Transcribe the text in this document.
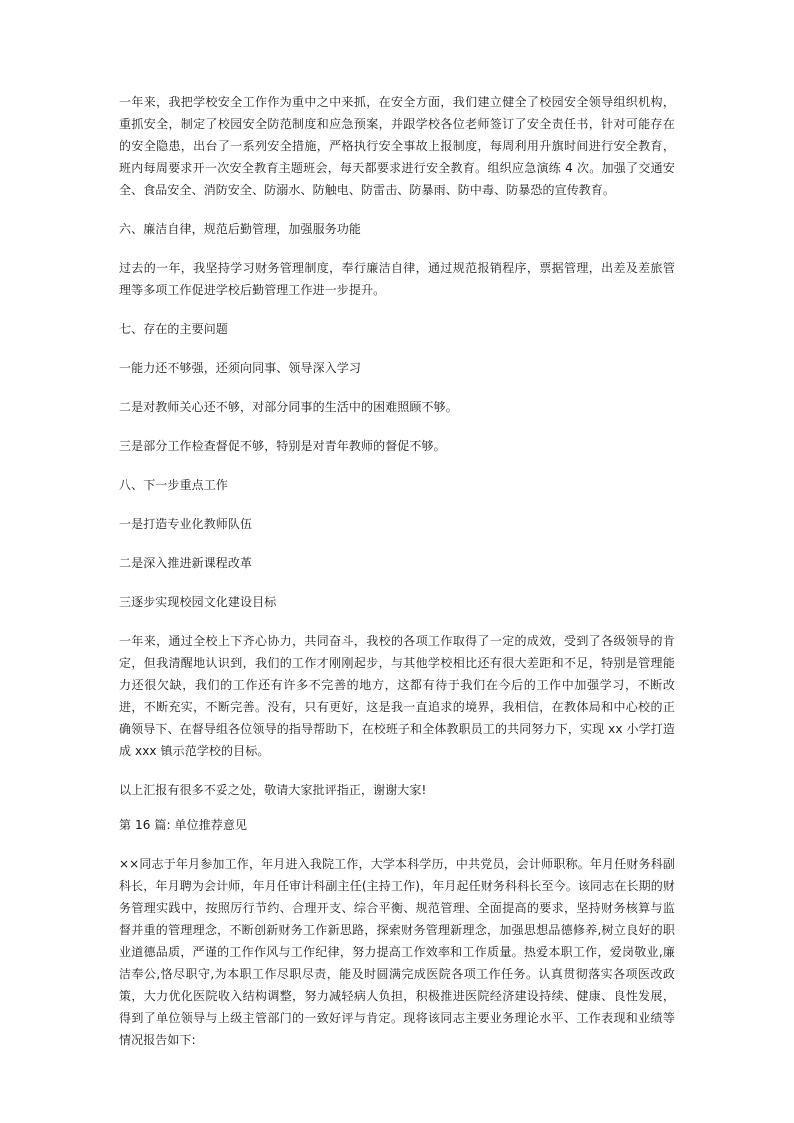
一年来，我把学校安全工作作为重中之中来抓，在安全方面，我们建立健全了校园安全领导组织机构，重抓安全，制定了校园安全防范制度和应急预案，并跟学校各位老师签订了安全责任书，针对可能存在的安全隐患，出台了一系列安全措施，严格执行安全事故上报制度，每周利用升旗时间进行安全教育，班内每周要求开一次安全教育主题班会，每天都要求进行安全教育。组织应急演练 4 次。加强了交通安全、食品安全、消防安全、防溺水、防触电、防雷击、防暴雨、防中毒、防暴恐的宣传教育。

六、廉洁自律，规范后勤管理，加强服务功能

过去的一年，我坚持学习财务管理制度，奉行廉洁自律，通过规范报销程序，票据管理，出差及差旅管理等多项工作促进学校后勤管理工作进一步提升。

七、存在的主要问题

一能力还不够强，还须向同事、领导深入学习

二是对教师关心还不够，对部分同事的生活中的困难照顾不够。

三是部分工作检查督促不够，特别是对青年教师的督促不够。

八、下一步重点工作

一是打造专业化教师队伍

二是深入推进新课程改革

三逐步实现校园文化建设目标

一年来，通过全校上下齐心协力，共同奋斗，我校的各项工作取得了一定的成效，受到了各级领导的肯定，但我清醒地认识到，我们的工作才刚刚起步，与其他学校相比还有很大差距和不足，特别是管理能力还很欠缺，我们的工作还有许多不完善的地方，这都有待于我们在今后的工作中加强学习，不断改进，不断充实，不断完善。没有，只有更好，这是我一直追求的境界，我相信，在教体局和中心校的正确领导下、在督导组各位领导的指导帮助下，在校班子和全体教职员工的共同努力下，实现 xx 小学打造成 xxx 镇示范学校的目标。

以上汇报有很多不妥之处，敬请大家批评指正，谢谢大家!

第 16 篇: 单位推荐意见

××同志于年月参加工作，年月进入我院工作，大学本科学历，中共党员，会计师职称。年月任财务科副科长，年月聘为会计师，年月任审计科副主任(主持工作)，年月起任财务科科长至今。该同志在长期的财务管理实践中，按照厉行节约、合理开支、综合平衡、规范管理、全面提高的要求，坚持财务核算与监督并重的管理理念，不断创新财务工作新思路，探索财务管理新理念，加强思想品德修养,树立良好的职业道德品质，严谨的工作作风与工作纪律，努力提高工作效率和工作质量。热爱本职工作，爱岗敬业,廉洁奉公,恪尽职守,为本职工作尽职尽责，能及时圆满完成医院各项工作任务。认真贯彻落实各项医改政策，大力优化医院收入结构调整，努力减轻病人负担，积极推进医院经济建设持续、健康、良性发展，得到了单位领导与上级主管部门的一致好评与肯定。现将该同志主要业务理论水平、工作表现和业绩等情况报告如下:
